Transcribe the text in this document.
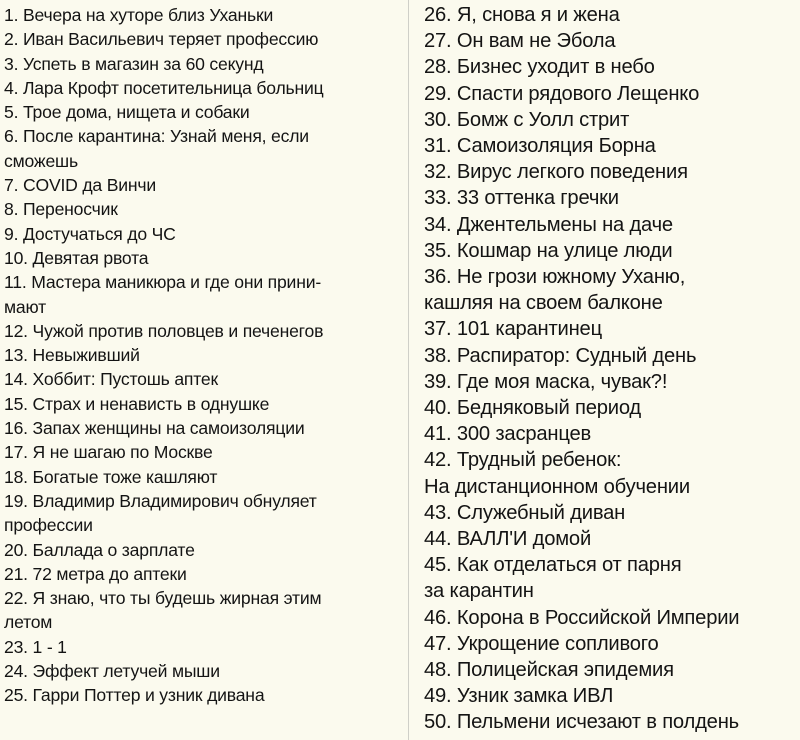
1. Вечера на хуторе близ Уханьки
2. Иван Васильевич теряет профессию
3. Успеть в магазин за 60 секунд
4. Лара Крофт посетительница больниц
5. Трое дома, нищета и собаки
6. После карантина: Узнай меня, если
сможешь
7. COVID да Винчи
8. Переносчик
9. Достучаться до ЧС
10. Девятая рвота
11. Мастера маникюра и где они прини-
мают
12. Чужой против половцев и печенегов
13. Невыживший
14. Хоббит: Пустошь аптек
15. Страх и ненависть в однушке
16. Запах женщины на самоизоляции
17. Я не шагаю по Москве
18. Богатые тоже кашляют
19. Владимир Владимирович обнуляет
профессии
20. Баллада о зарплате
21. 72 метра до аптеки
22. Я знаю, что ты будешь жирная этим
летом
23. 1 - 1
24. Эффект летучей мыши
25. Гарри Поттер и узник дивана
26. Я, снова я и жена
27. Он вам не Эбола
28. Бизнес уходит в небо
29. Спасти рядового Лещенко
30. Бомж с Уолл стрит
31. Самоизоляция Борна
32. Вирус легкого поведения
33. 33 оттенка гречки
34. Джентельмены на даче
35. Кошмар на улице люди
36. Не грози южному Уханю,
кашляя на своем балконе
37. 101 карантинец
38. Распиратор: Судный день
39. Где моя маска, чувак?!
40. Бедняковый период
41. 300 засранцев
42. Трудный ребенок:
На дистанционном обучении
43. Служебный диван
44. ВАЛЛ'И домой
45. Как отделаться от парня
за карантин
46. Корона в Российской Империи
47. Укрощение сопливого
48. Полицейская эпидемия
49. Узник замка ИВЛ
50. Пельмени исчезают в полдень
